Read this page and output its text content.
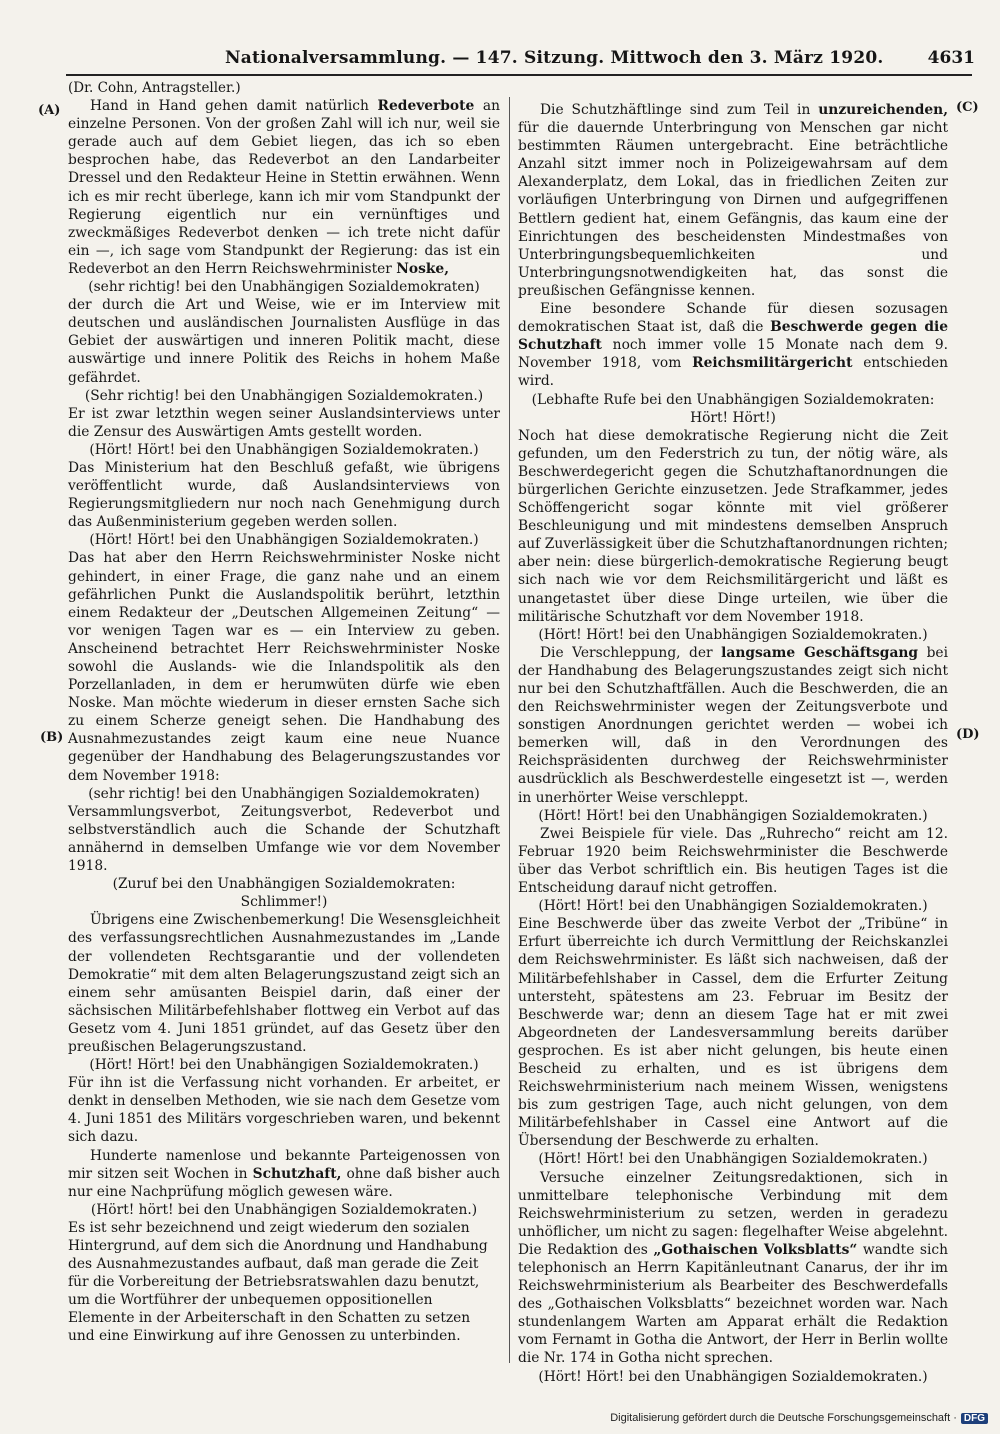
Nationalversammlung. — 147. Sitzung. Mittwoch den 3. März 1920.	4631
(A)
(B)
(C)
(D)

(Dr. Cohn, Antragsteller.)

Hand in Hand gehen damit natürlich Redeverbote an einzelne Personen. Von der großen Zahl will ich nur, weil sie gerade auch auf dem Gebiet liegen, das ich so eben besprochen habe, das Redeverbot an den Landarbeiter Dressel und den Redakteur Heine in Stettin erwähnen. Wenn ich es mir recht überlege, kann ich mir vom Standpunkt der Regierung eigentlich nur ein vernünftiges und zweckmäßiges Redeverbot denken — ich trete nicht dafür ein —, ich sage vom Standpunkt der Regierung: das ist ein Redeverbot an den Herrn Reichswehrminister Noske,

(sehr richtig! bei den Unabhängigen Sozialdemokraten)

der durch die Art und Weise, wie er im Interview mit deutschen und ausländischen Journalisten Ausflüge in das Gebiet der auswärtigen und inneren Politik macht, diese auswärtige und innere Politik des Reichs in hohem Maße gefährdet.

(Sehr richtig! bei den Unabhängigen Sozialdemokraten.)

Er ist zwar letzthin wegen seiner Auslandsinterviews unter die Zensur des Auswärtigen Amts gestellt worden.

(Hört! Hört! bei den Unabhängigen Sozialdemokraten.)

Das Ministerium hat den Beschluß gefaßt, wie übrigens veröffentlicht wurde, daß Auslandsinterviews von Regierungsmitgliedern nur noch nach Genehmigung durch das Außenministerium gegeben werden sollen.

(Hört! Hört! bei den Unabhängigen Sozialdemokraten.)

Das hat aber den Herrn Reichswehrminister Noske nicht gehindert, in einer Frage, die ganz nahe und an einem gefährlichen Punkt die Auslandspolitik berührt, letzthin einem Redakteur der „Deutschen Allgemeinen Zeitung“ — vor wenigen Tagen war es — ein Interview zu geben. Anscheinend betrachtet Herr Reichswehrminister Noske sowohl die Auslands- wie die Inlandspolitik als den Porzellanladen, in dem er herumwüten dürfe wie eben Noske. Man möchte wiederum in dieser ernsten Sache sich zu einem Scherze geneigt sehen. Die Handhabung des Ausnahmezustandes zeigt kaum eine neue Nuance gegenüber der Handhabung des Belagerungszustandes vor dem November 1918:

(sehr richtig! bei den Unabhängigen Sozialdemokraten)

Versammlungsverbot, Zeitungsverbot, Redeverbot und selbstverständlich auch die Schande der Schutzhaft annähernd in demselben Umfange wie vor dem November 1918.

(Zuruf bei den Unabhängigen Sozialdemokraten: Schlimmer!)

Übrigens eine Zwischenbemerkung! Die Wesensgleichheit des verfassungsrechtlichen Ausnahmezustandes im „Lande der vollendeten Rechtsgarantie und der vollendeten Demokratie“ mit dem alten Belagerungszustand zeigt sich an einem sehr amüsanten Beispiel darin, daß einer der sächsischen Militärbefehlshaber flottweg ein Verbot auf das Gesetz vom 4. Juni 1851 gründet, auf das Gesetz über den preußischen Belagerungszustand.

(Hört! Hört! bei den Unabhängigen Sozialdemokraten.)

Für ihn ist die Verfassung nicht vorhanden. Er arbeitet, er denkt in denselben Methoden, wie sie nach dem Gesetze vom 4. Juni 1851 des Militärs vorgeschrieben waren, und bekennt sich dazu.

Hunderte namenlose und bekannte Parteigenossen von mir sitzen seit Wochen in Schutzhaft, ohne daß bisher auch nur eine Nachprüfung möglich gewesen wäre.

(Hört! hört! bei den Unabhängigen Sozialdemokraten.)

Es ist sehr bezeichnend und zeigt wiederum den sozialen Hintergrund, auf dem sich die Anordnung und Handhabung des Ausnahmezustandes aufbaut, daß man gerade die Zeit für die Vorbereitung der Betriebsratswahlen dazu benutzt, um die Wortführer der unbequemen oppositionellen Elemente in der Arbeiterschaft in den Schatten zu setzen und eine Einwirkung auf ihre Genossen zu unterbinden.

Die Schutzhäftlinge sind zum Teil in unzureichenden, für die dauernde Unterbringung von Menschen gar nicht bestimmten Räumen untergebracht. Eine beträchtliche Anzahl sitzt immer noch in Polizeigewahrsam auf dem Alexanderplatz, dem Lokal, das in friedlichen Zeiten zur vorläufigen Unterbringung von Dirnen und aufgegriffenen Bettlern gedient hat, einem Gefängnis, das kaum eine der Einrichtungen des bescheidensten Mindestmaßes von Unterbringungsbequemlichkeiten und Unterbringungsnotwendigkeiten hat, das sonst die preußischen Gefängnisse kennen.

Eine besondere Schande für diesen sozusagen demokratischen Staat ist, daß die Beschwerde gegen die Schutzhaft noch immer volle 15 Monate nach dem 9. November 1918, vom Reichsmilitärgericht entschieden wird.

(Lebhafte Rufe bei den Unabhängigen Sozialdemokraten: Hört! Hört!)

Noch hat diese demokratische Regierung nicht die Zeit gefunden, um den Federstrich zu tun, der nötig wäre, als Beschwerdegericht gegen die Schutzhaftanordnungen die bürgerlichen Gerichte einzusetzen. Jede Strafkammer, jedes Schöffengericht sogar könnte mit viel größerer Beschleunigung und mit mindestens demselben Anspruch auf Zuverlässigkeit über die Schutzhaftanordnungen richten; aber nein: diese bürgerlich-demokratische Regierung beugt sich nach wie vor dem Reichsmilitärgericht und läßt es unangetastet über diese Dinge urteilen, wie über die militärische Schutzhaft vor dem November 1918.

(Hört! Hört! bei den Unabhängigen Sozialdemokraten.)

Die Verschleppung, der langsame Geschäftsgang bei der Handhabung des Belagerungszustandes zeigt sich nicht nur bei den Schutzhaftfällen. Auch die Beschwerden, die an den Reichswehrminister wegen der Zeitungsverbote und sonstigen Anordnungen gerichtet werden — wobei ich bemerken will, daß in den Verordnungen des Reichspräsidenten durchweg der Reichswehrminister ausdrücklich als Beschwerdestelle eingesetzt ist —, werden in unerhörter Weise verschleppt.

(Hört! Hört! bei den Unabhängigen Sozialdemokraten.)

Zwei Beispiele für viele. Das „Ruhrecho“ reicht am 12. Februar 1920 beim Reichswehrminister die Beschwerde über das Verbot schriftlich ein. Bis heutigen Tages ist die Entscheidung darauf nicht getroffen.

(Hört! Hört! bei den Unabhängigen Sozialdemokraten.)

Eine Beschwerde über das zweite Verbot der „Tribüne“ in Erfurt überreichte ich durch Vermittlung der Reichskanzlei dem Reichswehrminister. Es läßt sich nachweisen, daß der Militärbefehlshaber in Cassel, dem die Erfurter Zeitung untersteht, spätestens am 23. Februar im Besitz der Beschwerde war; denn an diesem Tage hat er mit zwei Abgeordneten der Landesversammlung bereits darüber gesprochen. Es ist aber nicht gelungen, bis heute einen Bescheid zu erhalten, und es ist übrigens dem Reichswehrministerium nach meinem Wissen, wenigstens bis zum gestrigen Tage, auch nicht gelungen, von dem Militärbefehlshaber in Cassel eine Antwort auf die Übersendung der Beschwerde zu erhalten.

(Hört! Hört! bei den Unabhängigen Sozialdemokraten.)

Versuche einzelner Zeitungsredaktionen, sich in unmittelbare telephonische Verbindung mit dem Reichswehrministerium zu setzen, werden in geradezu unhöflicher, um nicht zu sagen: flegelhafter Weise abgelehnt. Die Redaktion des „Gothaischen Volksblatts“ wandte sich telephonisch an Herrn Kapitänleutnant Canarus, der ihr im Reichswehrministerium als Bearbeiter des Beschwerdefalls des „Gothaischen Volksblatts“ bezeichnet worden war. Nach stundenlangem Warten am Apparat erhält die Redaktion vom Fernamt in Gotha die Antwort, der Herr in Berlin wollte die Nr. 174 in Gotha nicht sprechen.

(Hört! Hört! bei den Unabhängigen Sozialdemokraten.)

Digitalisierung gefördert durch die Deutsche Forschungsgemeinschaft · DFG
